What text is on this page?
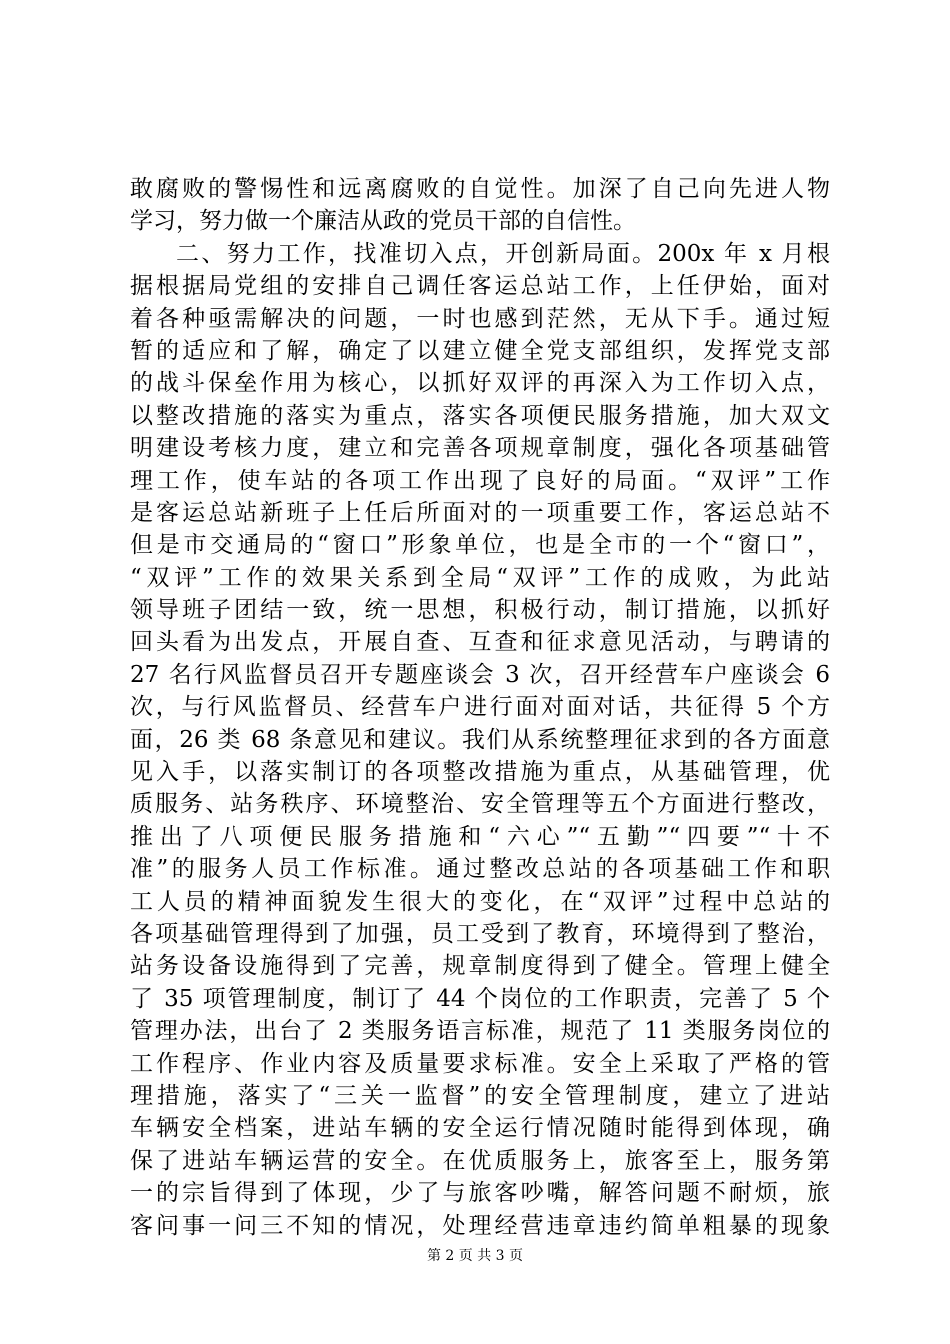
敢腐败的警惕性和远离腐败的自觉性。加深了自己向先进人物
学习，努力做一个廉洁从政的党员干部的自信性。
二、努力工作，找准切入点，开创新局面。200x 年 x 月根
据根据局党组的安排自己调任客运总站工作，上任伊始，面对
着各种亟需解决的问题，一时也感到茫然，无从下手。通过短
暂的适应和了解，确定了以建立健全党支部组织，发挥党支部
的战斗保垒作用为核心，以抓好双评的再深入为工作切入点，
以整改措施的落实为重点，落实各项便民服务措施，加大双文
明建设考核力度，建立和完善各项规章制度，强化各项基础管
理工作，使车站的各项工作出现了良好的局面。“双评”工作
是客运总站新班子上任后所面对的一项重要工作，客运总站不
但是市交通局的“窗口”形象单位，也是全市的一个“窗口”，
“双评”工作的效果关系到全局“双评”工作的成败，为此站
领导班子团结一致，统一思想，积极行动，制订措施，以抓好
回头看为出发点，开展自查、互查和征求意见活动，与聘请的
27 名行风监督员召开专题座谈会 3 次，召开经营车户座谈会 6
次，与行风监督员、经营车户进行面对面对话，共征得 5 个方
面，26 类 68 条意见和建议。我们从系统整理征求到的各方面意
见入手，以落实制订的各项整改措施为重点，从基础管理，优
质服务、站务秩序、环境整治、安全管理等五个方面进行整改，
推出了八项便民服务措施和“六心”“五勤”“四要”“十不
准”的服务人员工作标准。通过整改总站的各项基础工作和职
工人员的精神面貌发生很大的变化，在“双评”过程中总站的
各项基础管理得到了加强，员工受到了教育，环境得到了整治，
站务设备设施得到了完善，规章制度得到了健全。管理上健全
了 35 项管理制度，制订了 44 个岗位的工作职责，完善了 5 个
管理办法，出台了 2 类服务语言标准，规范了 11 类服务岗位的
工作程序、作业内容及质量要求标准。安全上采取了严格的管
理措施，落实了“三关一监督”的安全管理制度，建立了进站
车辆安全档案，进站车辆的安全运行情况随时能得到体现，确
保了进站车辆运营的安全。在优质服务上，旅客至上，服务第
一的宗旨得到了体现，少了与旅客吵嘴，解答问题不耐烦，旅
客问事一问三不知的情况，处理经营违章违约简单粗暴的现象
第 2 页 共 3 页
